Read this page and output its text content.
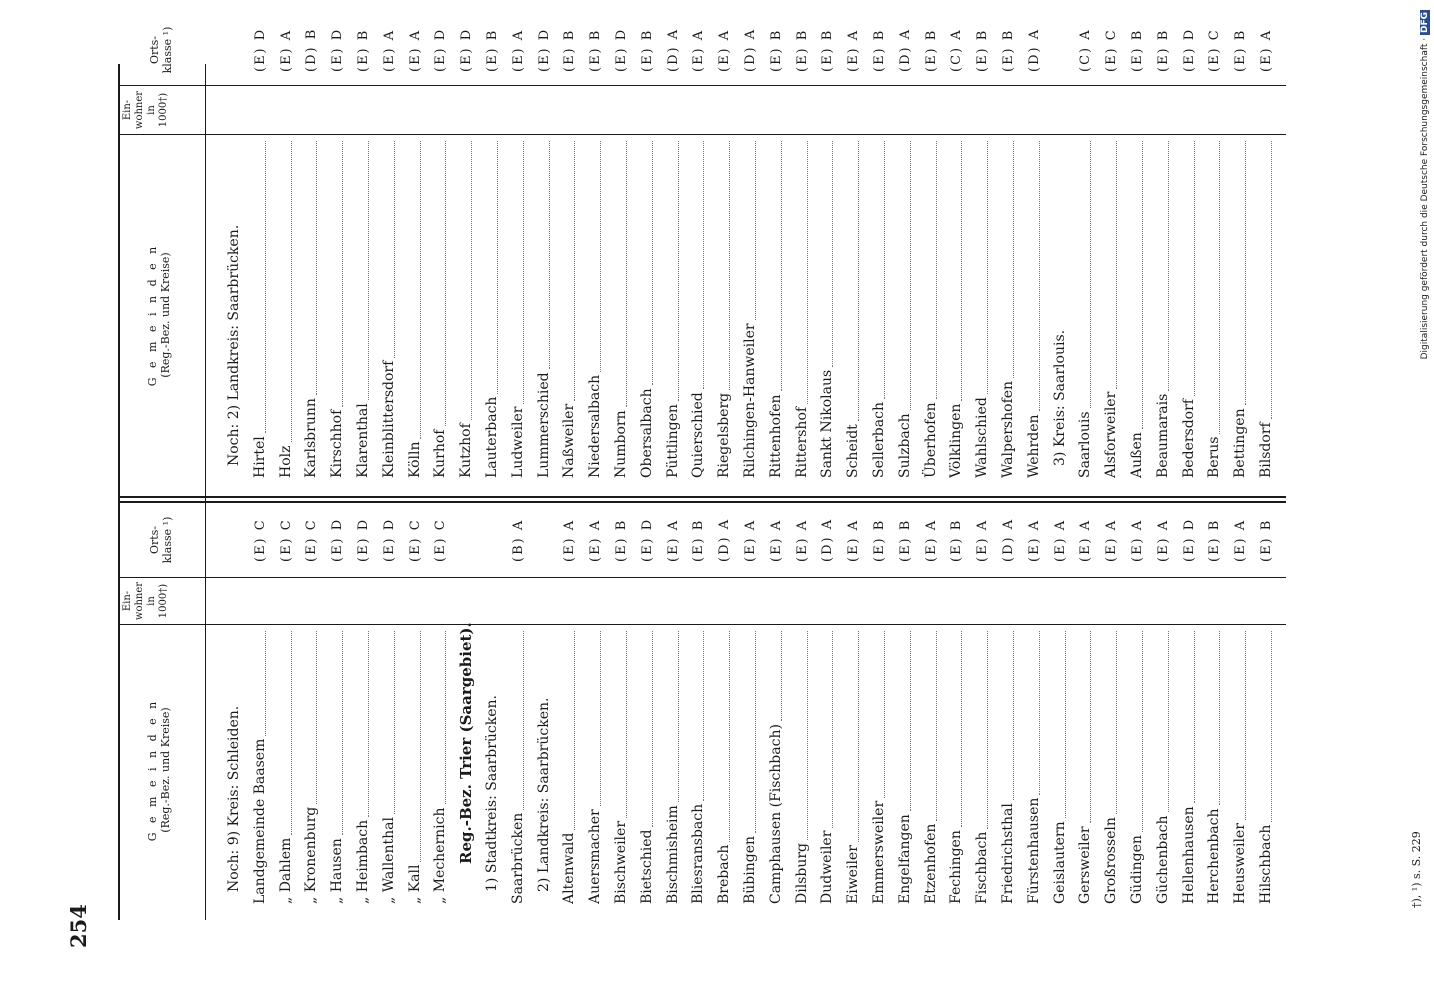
254
G e m e i n d e n (Reg.-Bez. und Kreise)
Ein- wohner in 1000†)
Orts- klasse ¹)
G e m e i n d e n (Reg.-Bez. und Kreise)
Ein- wohner in 1000†)
Orts- klasse ¹)
Noch: 9) Kreis: Schleiden. Landgemeinde Baasem
(E) C
„ Dahlem
(E) C
„ Kronenburg
(E) C
„ Hausen
(E) D
„ Heimbach
(E) D
„ Wallenthal
(E) D
„ Kall
(E) C
„ Mechernich
(E) C
Reg.-Bez. Trier (Saargebiet). 1) Stadtkreis: Saarbrücken. Saarbrücken
(B) A
2) Landkreis: Saarbrücken. Altenwald
(E) A
Auersmacher
(E) A
Bischweiler
(E) B
Bietschied
(E) D
Bischmisheim
(E) A
Bliesransbach
(E) B
Brebach
(D) A
Bübingen
(E) A
Camphausen (Fischbach)
(E) A
Dilsburg
(E) A
Dudweiler
(D) A
Eiweiler
(E) A
Emmersweiler
(E) B
Engelfangen
(E) B
Etzenhofen
(E) A
Fechingen
(E) B
Fischbach
(E) A
Friedrichsthal
(D) A
Fürstenhausen
(E) A
Geislautern
(E) A
Gersweiler
(E) A
Großrosseln
(E) A
Güdingen
(E) A
Güchenbach
(E) A
Hellenhausen
(E) D
Herchenbach
(E) B
Heusweiler
(E) A
Hilschbach
(E) B
Noch: 2) Landkreis: Saarbrücken. Hirtel
(E) D
Holz
(E) A
Karlsbrunn
(D) B
Kirschhof
(E) D
Klarenthal
(E) B
Kleinblittersdorf
(E) A
Kölln
(E) A
Kurhof
(E) D
Kutzhof
(E) D
Lauterbach
(E) B
Ludweiler
(E) A
Lummerschied
(E) D
Naßweiler
(E) B
Niedersalbach
(E) B
Numborn
(E) D
Obersalbach
(E) B
Püttlingen
(D) A
Quierschied
(E) A
Riegelsberg
(E) A
Rilchingen-Hanweiler
(D) A
Rittenhofen
(E) B
Rittershof
(E) B
Sankt Nikolaus
(E) B
Scheidt
(E) A
Sellerbach
(E) B
Sulzbach
(D) A
Überhofen
(E) B
Völklingen
(C) A
Wahlschied
(E) B
Walpershofen
(E) B
Wehrden
(D) A
3) Kreis: Saarlouis. Saarlouis
(C) A
Alsforweiler
(E) C
Außen
(E) B
Beaumarais
(E) B
Bedersdorf
(E) D
Berus
(E) C
Bettingen
(E) B
Bilsdorf
(E) A
†), ¹) s. S. 229
Digitalisierung gefördert durch die Deutsche Forschungsgemeinschaft · DFG
